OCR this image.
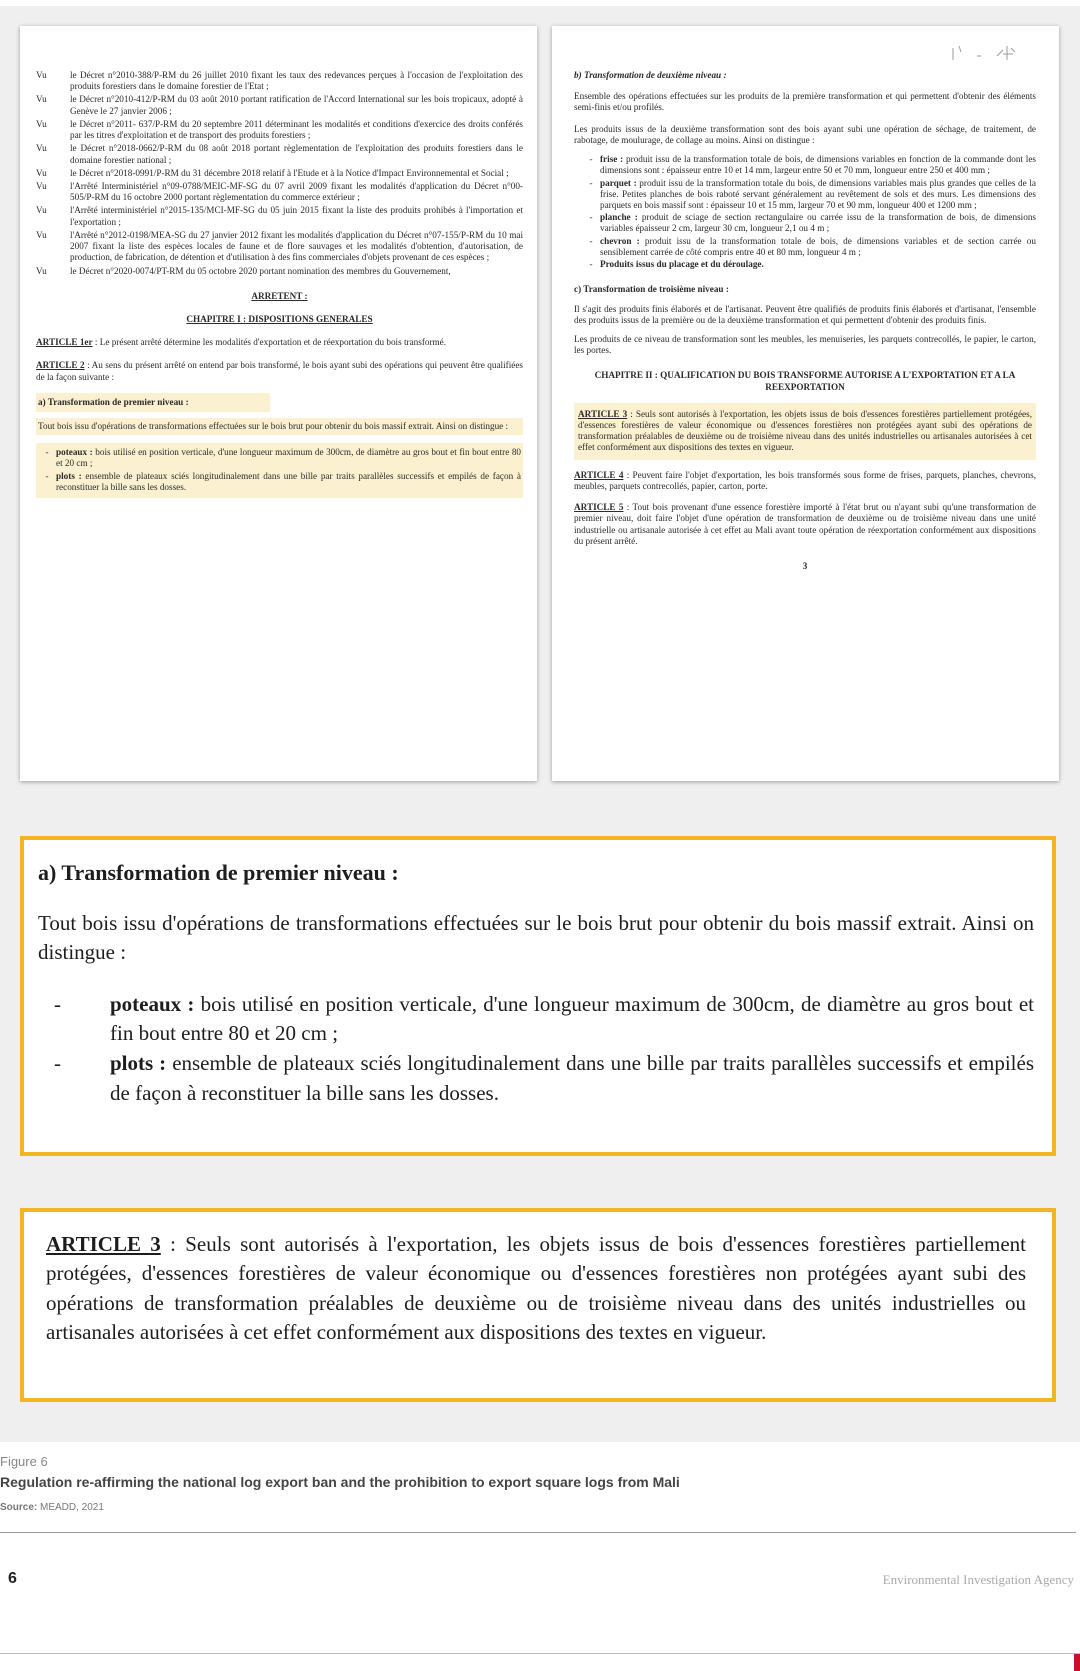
Vu	le Décret n°2010-388/P-RM du 26 juillet 2010 fixant les taux des redevances perçues à l'occasion de l'exploitation des produits forestiers dans le domaine forestier de l'Etat ;
Vu	le Décret n°2010-412/P-RM du 03 août 2010 portant ratification de l'Accord International sur les bois tropicaux, adopté à Genève le 27 janvier 2006 ;
Vu	le Décret n°2011- 637/P-RM du 20 septembre 2011 déterminant les modalités et conditions d'exercice des droits conférés par les titres d'exploitation et de transport des produits forestiers ;
Vu	le Décret n°2018-0662/P-RM du 08 août 2018 portant règlementation de l'exploitation des produits forestiers dans le domaine forestier national ;
Vu	le Décret n°2018-0991/P-RM du 31 décembre 2018 relatif à l'Etude et à la Notice d'Impact Environnemental et Social ;
Vu	l'Arrêté Interministériel n°09-0788/MEIC-MF-SG du 07 avril 2009 fixant les modalités d'application du Décret n°00-505/P-RM du 16 octobre 2000 portant règlementation du commerce extérieur ;
Vu	l'Arrêté interministériel n°2015-135/MCI-MF-SG du 05 juin 2015 fixant la liste des produits prohibés à l'importation et l'exportation ;
Vu	l'Arrêté n°2012-0198/MEA-SG du 27 janvier 2012 fixant les modalités d'application du Décret n°07-155/P-RM du 10 mai 2007 fixant la liste des espèces locales de faune et de flore sauvages et les modalités d'obtention, d'autorisation, de production, de fabrication, de détention et d'utilisation à des fins commerciales d'objets provenant de ces espèces ;
Vu	le Décret n°2020-0074/PT-RM du 05 octobre 2020 portant nomination des membres du Gouvernement,
ARRETENT :
CHAPITRE I : DISPOSITIONS GENERALES
ARTICLE 1er : Le présent arrêté détermine les modalités d'exportation et de réexportation du bois transformé.
ARTICLE 2 : Au sens du présent arrêté on entend par bois transformé, le bois ayant subi des opérations qui peuvent être qualifiées de la façon suivante :
a) Transformation de premier niveau :
Tout bois issu d'opérations de transformations effectuées sur le bois brut pour obtenir du bois massif extrait. Ainsi on distingue :
- poteaux : bois utilisé en position verticale, d'une longueur maximum de 300cm, de diamètre au gros bout et fin bout entre 80 et 20 cm ;
- plots : ensemble de plateaux sciés longitudinalement dans une bille par traits parallèles successifs et empilés de façon à reconstituer la bille sans les dosses.
b) Transformation de deuxième niveau :
Ensemble des opérations effectuées sur les produits de la première transformation et qui permettent d'obtenir des éléments semi-finis et/ou profilés.
Les produits issus de la deuxième transformation sont des bois ayant subi une opération de séchage, de traitement, de rabotage, de moulurage, de collage au moins. Ainsi on distingue :
- frise : produit issu de la transformation totale de bois, de dimensions variables en fonction de la commande dont les dimensions sont : épaisseur entre 10 et 14 mm, largeur entre 50 et 70 mm, longueur entre 250 et 400 mm ;
- parquet : produit issu de la transformation totale du bois, de dimensions variables mais plus grandes que celles de la frise. Petites planches de bois raboté servant généralement au revêtement de sols et des murs. Les dimensions des parquets en bois massif sont : épaisseur 10 et 15 mm, largeur 70 et 90 mm, longueur 400 et 1200 mm ;
- planche : produit de sciage de section rectangulaire ou carrée issu de la transformation de bois, de dimensions variables épaisseur 2 cm, largeur 30 cm, longueur 2,1 ou 4 m ;
- chevron : produit issu de la transformation totale de bois, de dimensions variables et de section carrée ou sensiblement carrée de côté compris entre 40 et 80 mm, longueur 4 m ;
- Produits issus du placage et du déroulage.
c) Transformation de troisième niveau :
Il s'agit des produits finis élaborés et de l'artisanat. Peuvent être qualifiés de produits finis élaborés et d'artisanat, l'ensemble des produits issus de la première ou de la deuxième transformation et qui permettent d'obtenir des produits finis.
Les produits de ce niveau de transformation sont les meubles, les menuiseries, les parquets contrecollés, le papier, le carton, les portes.
CHAPITRE II : QUALIFICATION DU BOIS TRANSFORME AUTORISE A L'EXPORTATION ET A LA REEXPORTATION
ARTICLE 3 : Seuls sont autorisés à l'exportation, les objets issus de bois d'essences forestières partiellement protégées, d'essences forestières de valeur économique ou d'essences forestières non protégées ayant subi des opérations de transformation préalables de deuxième ou de troisième niveau dans des unités industrielles ou artisanales autorisées à cet effet conformément aux dispositions des textes en vigueur.
ARTICLE 4 : Peuvent faire l'objet d'exportation, les bois transformés sous forme de frises, parquets, planches, chevrons, meubles, parquets contrecollés, papier, carton, porte.
ARTICLE 5 : Tout bois provenant d'une essence forestière importé à l'état brut ou n'ayant subi qu'une transformation de premier niveau, doit faire l'objet d'une opération de transformation de deuxième ou de troisième niveau dans une unité industrielle ou artisanale autorisée à cet effet au Mali avant toute opération de réexportation conformément aux dispositions du présent arrêté.
3
a) Transformation de premier niveau :
Tout bois issu d'opérations de transformations effectuées sur le bois brut pour obtenir du bois massif extrait. Ainsi on distingue :
-	poteaux : bois utilisé en position verticale, d'une longueur maximum de 300cm, de diamètre au gros bout et fin bout entre 80 et 20 cm ;
-	plots : ensemble de plateaux sciés longitudinalement dans une bille par traits parallèles successifs et empilés de façon à reconstituer la bille sans les dosses.
ARTICLE 3 : Seuls sont autorisés à l'exportation, les objets issus de bois d'essences forestières partiellement protégées, d'essences forestières de valeur économique ou d'essences forestières non protégées ayant subi des opérations de transformation préalables de deuxième ou de troisième niveau dans des unités industrielles ou artisanales autorisées à cet effet conformément aux dispositions des textes en vigueur.
Figure 6
Regulation re-affirming the national log export ban and the prohibition to export square logs from Mali
Source: MEADD, 2021
6	Environmental Investigation Agency
